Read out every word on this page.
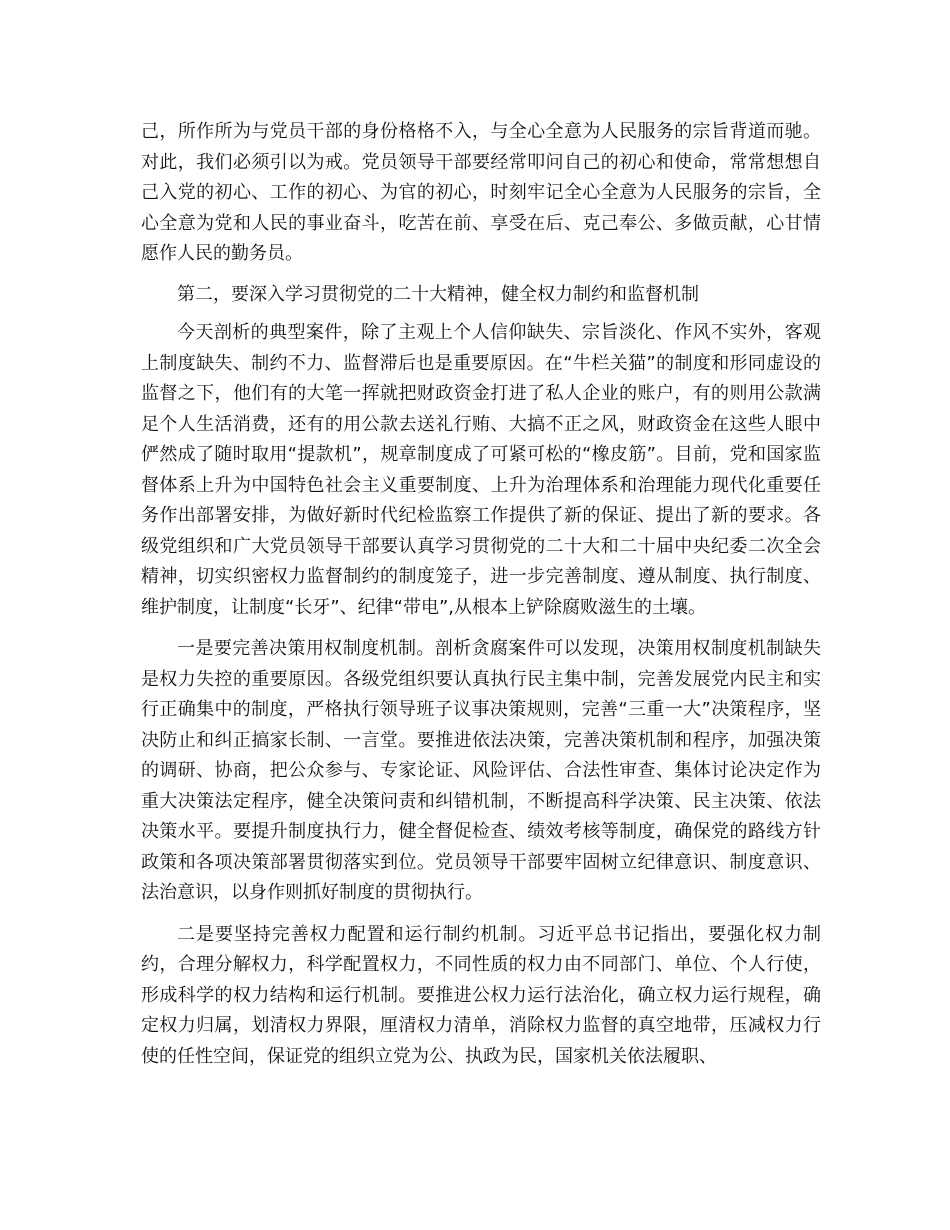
己，所作所为与党员干部的身份格格不入，与全心全意为人民服务的宗旨背道而驰。对此，我们必须引以为戒。党员领导干部要经常叩问自己的初心和使命，常常想想自己入党的初心、工作的初心、为官的初心，时刻牢记全心全意为人民服务的宗旨，全心全意为党和人民的事业奋斗，吃苦在前、享受在后、克己奉公、多做贡献，心甘情愿作人民的勤务员。

第二，要深入学习贯彻党的二十大精神，健全权力制约和监督机制

今天剖析的典型案件，除了主观上个人信仰缺失、宗旨淡化、作风不实外，客观上制度缺失、制约不力、监督滞后也是重要原因。在“牛栏关猫”的制度和形同虚设的监督之下，他们有的大笔一挥就把财政资金打进了私人企业的账户，有的则用公款满足个人生活消费，还有的用公款去送礼行贿、大搞不正之风，财政资金在这些人眼中俨然成了随时取用“提款机”，规章制度成了可紧可松的“橡皮筋”。目前，党和国家监督体系上升为中国特色社会主义重要制度、上升为治理体系和治理能力现代化重要任务作出部署安排，为做好新时代纪检监察工作提供了新的保证、提出了新的要求。各级党组织和广大党员领导干部要认真学习贯彻党的二十大和二十届中央纪委二次全会精神，切实织密权力监督制约的制度笼子，进一步完善制度、遵从制度、执行制度、维护制度，让制度“长牙”、纪律“带电”,从根本上铲除腐败滋生的土壤。

一是要完善决策用权制度机制。剖析贪腐案件可以发现，决策用权制度机制缺失是权力失控的重要原因。各级党组织要认真执行民主集中制，完善发展党内民主和实行正确集中的制度，严格执行领导班子议事决策规则，完善“三重一大”决策程序，坚决防止和纠正搞家长制、一言堂。要推进依法决策，完善决策机制和程序，加强决策的调研、协商，把公众参与、专家论证、风险评估、合法性审查、集体讨论决定作为重大决策法定程序，健全决策问责和纠错机制，不断提高科学决策、民主决策、依法决策水平。要提升制度执行力，健全督促检查、绩效考核等制度，确保党的路线方针政策和各项决策部署贯彻落实到位。党员领导干部要牢固树立纪律意识、制度意识、法治意识，以身作则抓好制度的贯彻执行。

二是要坚持完善权力配置和运行制约机制。习近平总书记指出，要强化权力制约，合理分解权力，科学配置权力，不同性质的权力由不同部门、单位、个人行使，形成科学的权力结构和运行机制。要推进公权力运行法治化，确立权力运行规程，确定权力归属，划清权力界限，厘清权力清单，消除权力监督的真空地带，压减权力行使的任性空间，保证党的组织立党为公、执政为民，国家机关依法履职、
